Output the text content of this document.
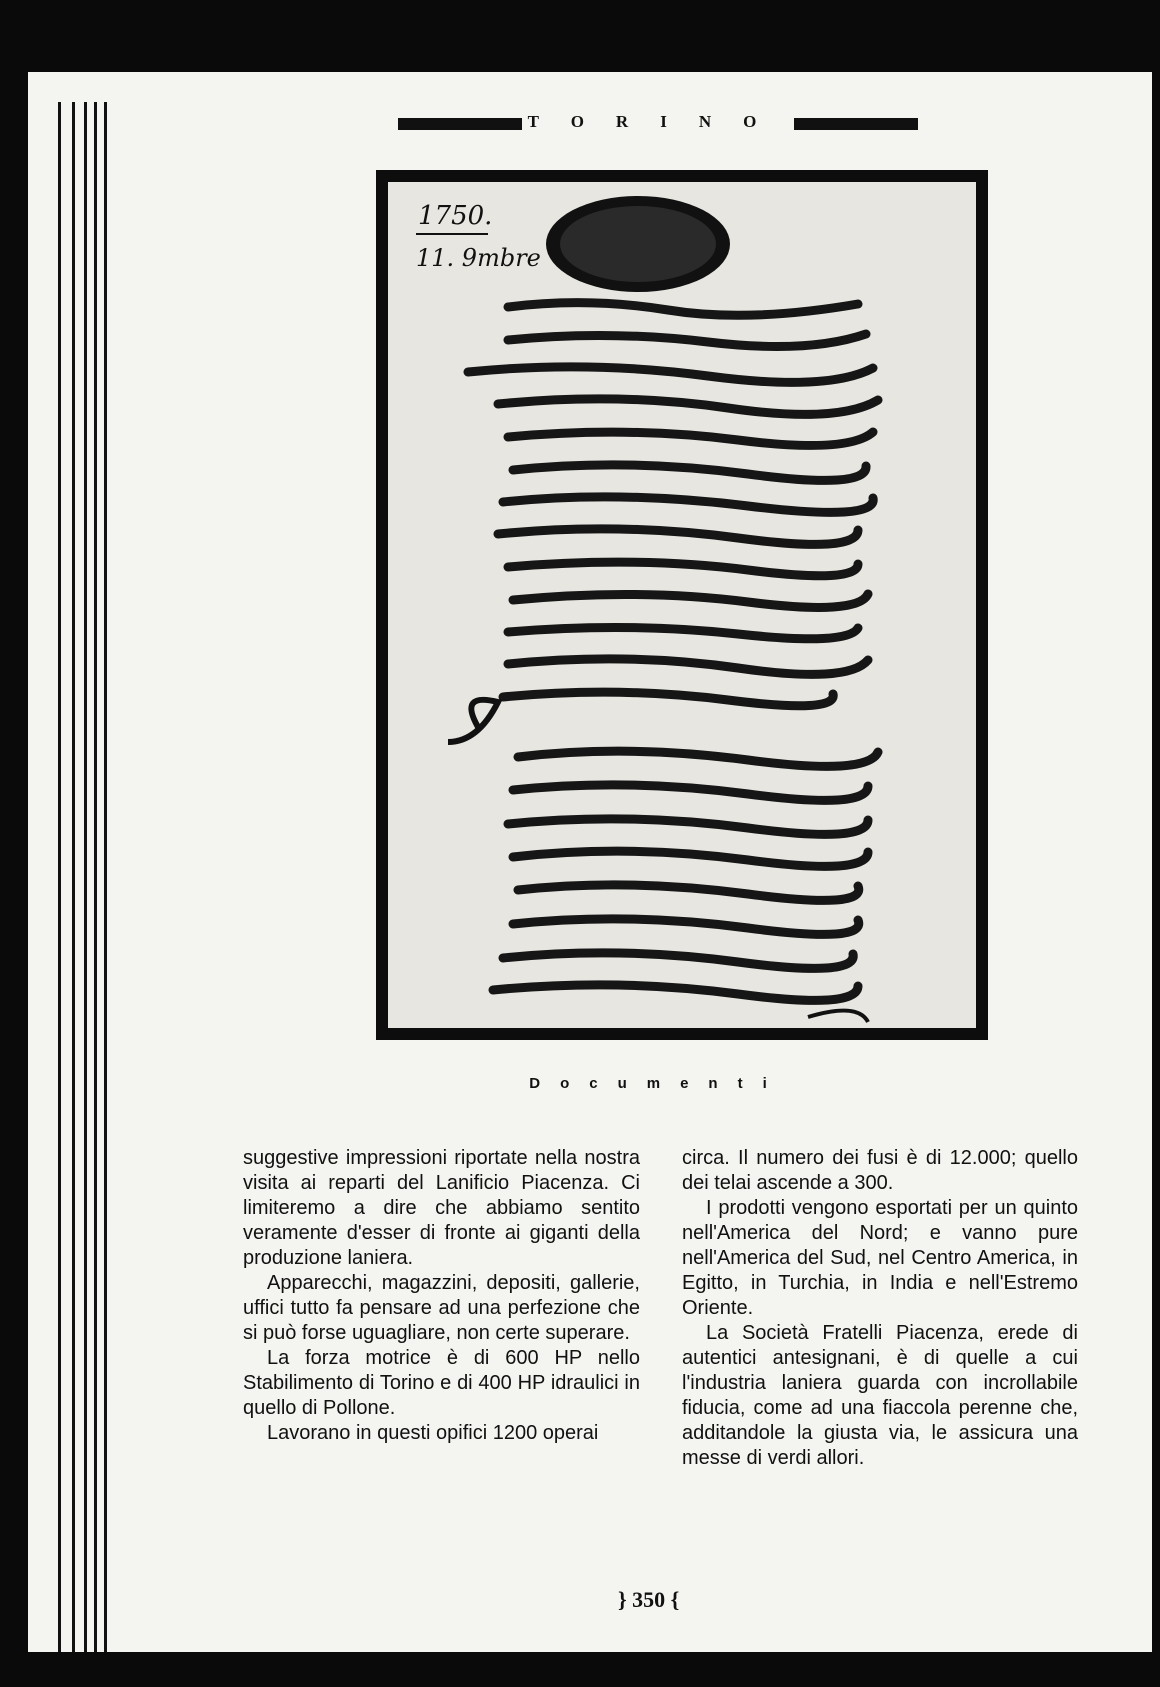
TORINO
1750.
11. 9mbre
Documenti

suggestive impressioni riportate nella nostra visita ai reparti del Lanificio Piacenza. Ci limiteremo a dire che abbiamo sentito veramente d'esser di fronte ai giganti della produzione laniera.

Apparecchi, magazzini, depositi, gallerie, uffici tutto fa pensare ad una perfezione che si può forse uguagliare, non certe superare.

La forza motrice è di 600 HP nello Stabilimento di Torino e di 400 HP idraulici in quello di Pollone.

Lavorano in questi opifici 1200 operai

circa. Il numero dei fusi è di 12.000; quello dei telai ascende a 300.

I prodotti vengono esportati per un quinto nell'America del Nord; e vanno pure nell'America del Sud, nel Centro America, in Egitto, in Turchia, in India e nell'Estremo Oriente.

La Società Fratelli Piacenza, erede di autentici antesignani, è di quelle a cui l'industria laniera guarda con incrollabile fiducia, come ad una fiaccola perenne che, additandole la giusta via, le assicura una messe di verdi allori.

} 350 {
